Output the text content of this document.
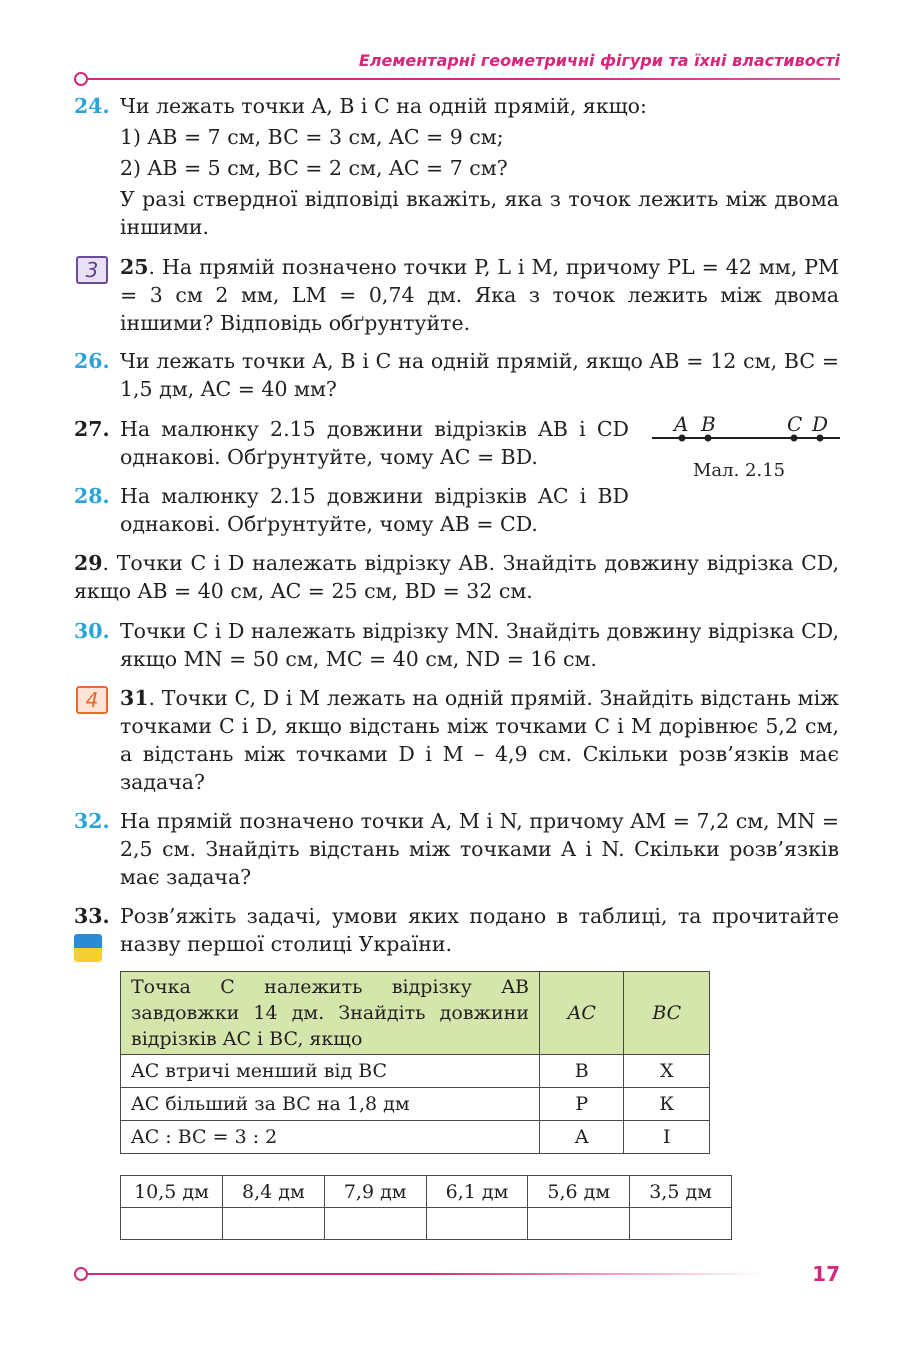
Елементарні геометричні фігури та їхні властивості
24. Чи лежать точки A, B і C на одній прямій, якщо:

1) AB = 7 см, BC = 3 см, AC = 9 см;

2) AB = 5 см, BC = 2 см, AC = 7 см?

У разі ствердної відповіді вкажіть, яка з точок лежить між двома іншими.

3	25. На прямій позначено точки P, L і M, причому PL = 42 мм, PM = 3 см 2 мм, LM = 0,74 дм. Яка з точок лежить між двома іншими? Відповідь обґрунтуйте.

26. Чи лежать точки A, B і C на одній прямій, якщо AB = 12 см, BC = 1,5 дм, AC = 40 мм?

27. На малюнку 2.15 довжини відрізків AB і CD однакові. Обґрунтуйте, чому AC = BD.

A B	C D
Мал. 2.15
28. На малюнку 2.15 довжини відрізків AC і BD однакові. Обґрунтуйте, чому AB = CD.

29. Точки C і D належать відрізку AB. Знайдіть довжину відрізка CD, якщо AB = 40 см, AC = 25 см, BD = 32 см.

30. Точки C і D належать відрізку MN. Знайдіть довжину відрізка CD, якщо MN = 50 см, MC = 40 см, ND = 16 см.

4	31. Точки C, D і M лежать на одній прямій. Знайдіть відстань між точками C і D, якщо відстань між точками C і M дорівнює 5,2 см, а відстань між точками D і M – 4,9 см. Скільки розв’язків має задача?

32. На прямій позначено точки A, M і N, причому AM = 7,2 см, MN = 2,5 см. Знайдіть відстань між точками A і N. Скільки розв’язків має задача?

33. Розв’яжіть задачі, умови яких подано в таблиці, та прочитайте назву першої столиці України.

Точка C належить відрізку AB завдовжки 14 дм. Знайдіть довжини відрізків AC і BC, якщо	AC	BC
AC втричі менший від BC	В	Х
AC більший за BC на 1,8 дм	Р	К
AC : BC = 3 : 2	А	І
10,5 дм	8,4 дм	7,9 дм	6,1 дм	5,6 дм	3,5 дм

17
